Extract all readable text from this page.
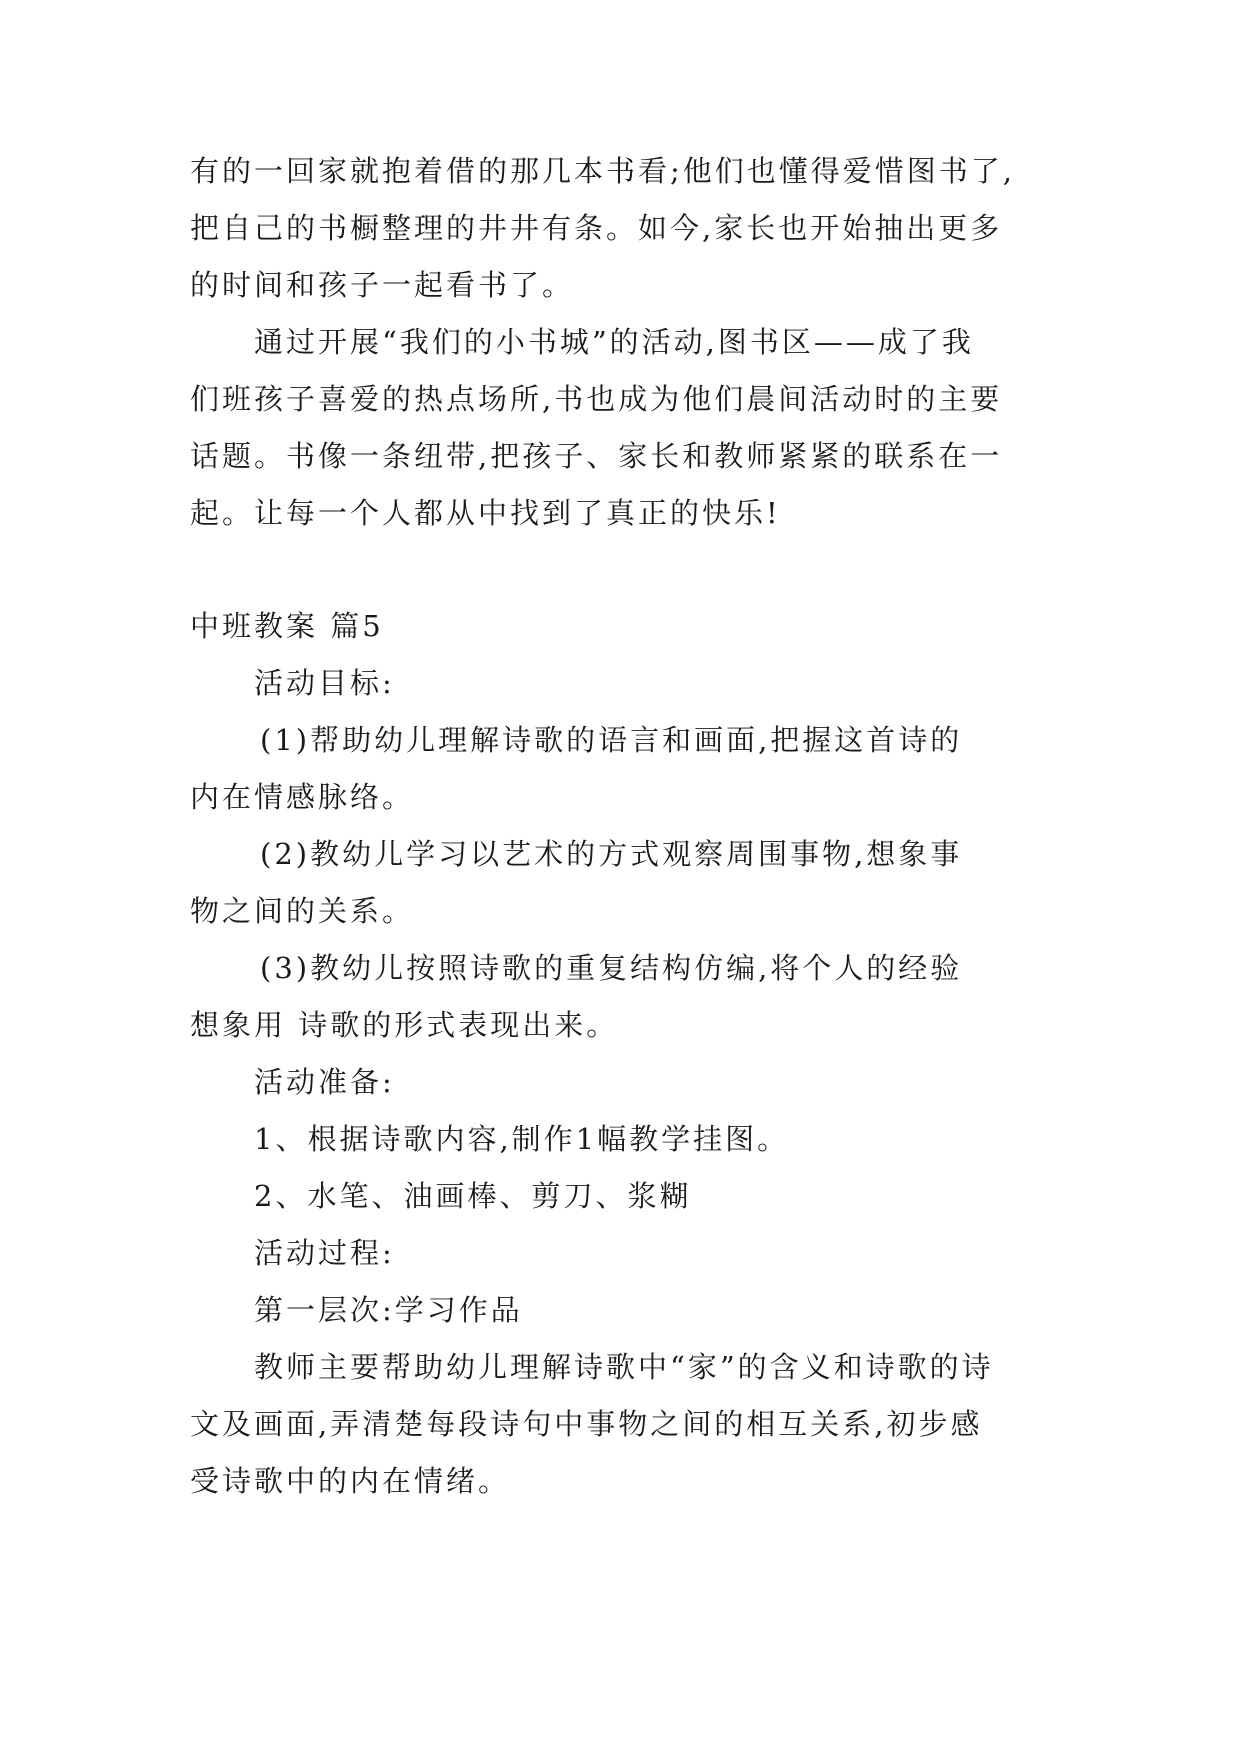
有的一回家就抱着借的那几本书看;他们也懂得爱惜图书了,
把自己的书橱整理的井井有条。如今,家长也开始抽出更多
的时间和孩子一起看书了。
通过开展“我们的小书城”的活动,图书区——成了我
们班孩子喜爱的热点场所,书也成为他们晨间活动时的主要
话题。书像一条纽带,把孩子、家长和教师紧紧的联系在一
起。让每一个人都从中找到了真正的快乐!
中班教案 篇5
活动目标:
(1)帮助幼儿理解诗歌的语言和画面,把握这首诗的
内在情感脉络。
(2)教幼儿学习以艺术的方式观察周围事物,想象事
物之间的关系。
(3)教幼儿按照诗歌的重复结构仿编,将个人的经验
想象用 诗歌的形式表现出来。
活动准备:
1、根据诗歌内容,制作1幅教学挂图。
2、水笔、油画棒、剪刀、浆糊
活动过程:
第一层次:学习作品
教师主要帮助幼儿理解诗歌中“家”的含义和诗歌的诗
文及画面,弄清楚每段诗句中事物之间的相互关系,初步感
受诗歌中的内在情绪。
